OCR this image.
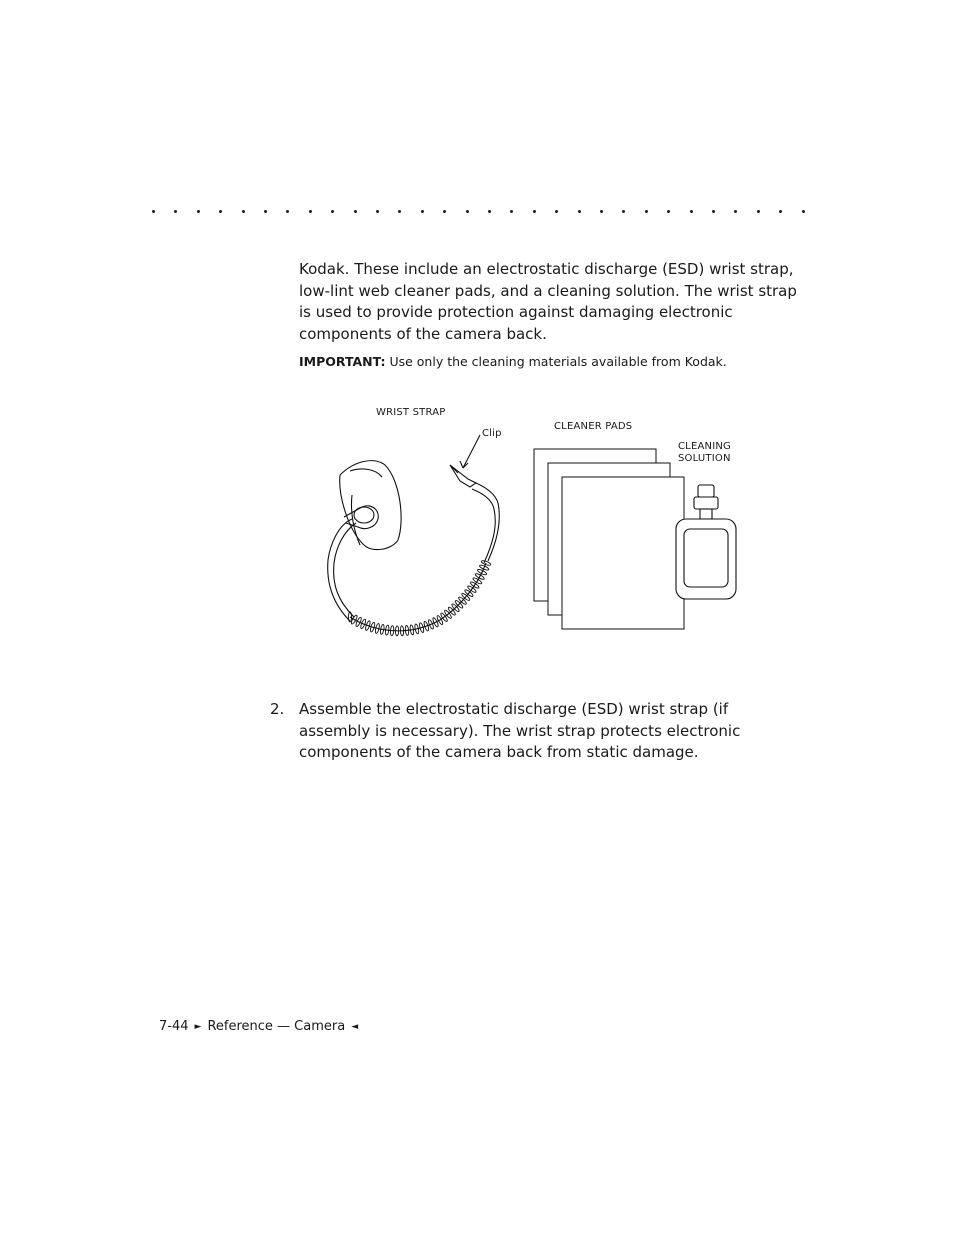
Kodak. These include an electrostatic discharge (ESD) wrist strap, low-lint web cleaner pads, and a cleaning solution. The wrist strap is used to provide protection against damaging electronic components of the camera back.

IMPORTANT: Use only the cleaning materials available from Kodak.
WRIST STRAP
Clip
CLEANER PADS
CLEANING
SOLUTION
2. Assemble the electrostatic discharge (ESD) wrist strap (if assembly is necessary). The wrist strap protects electronic components of the camera back from static damage.
7-44 ► Reference — Camera ◄
